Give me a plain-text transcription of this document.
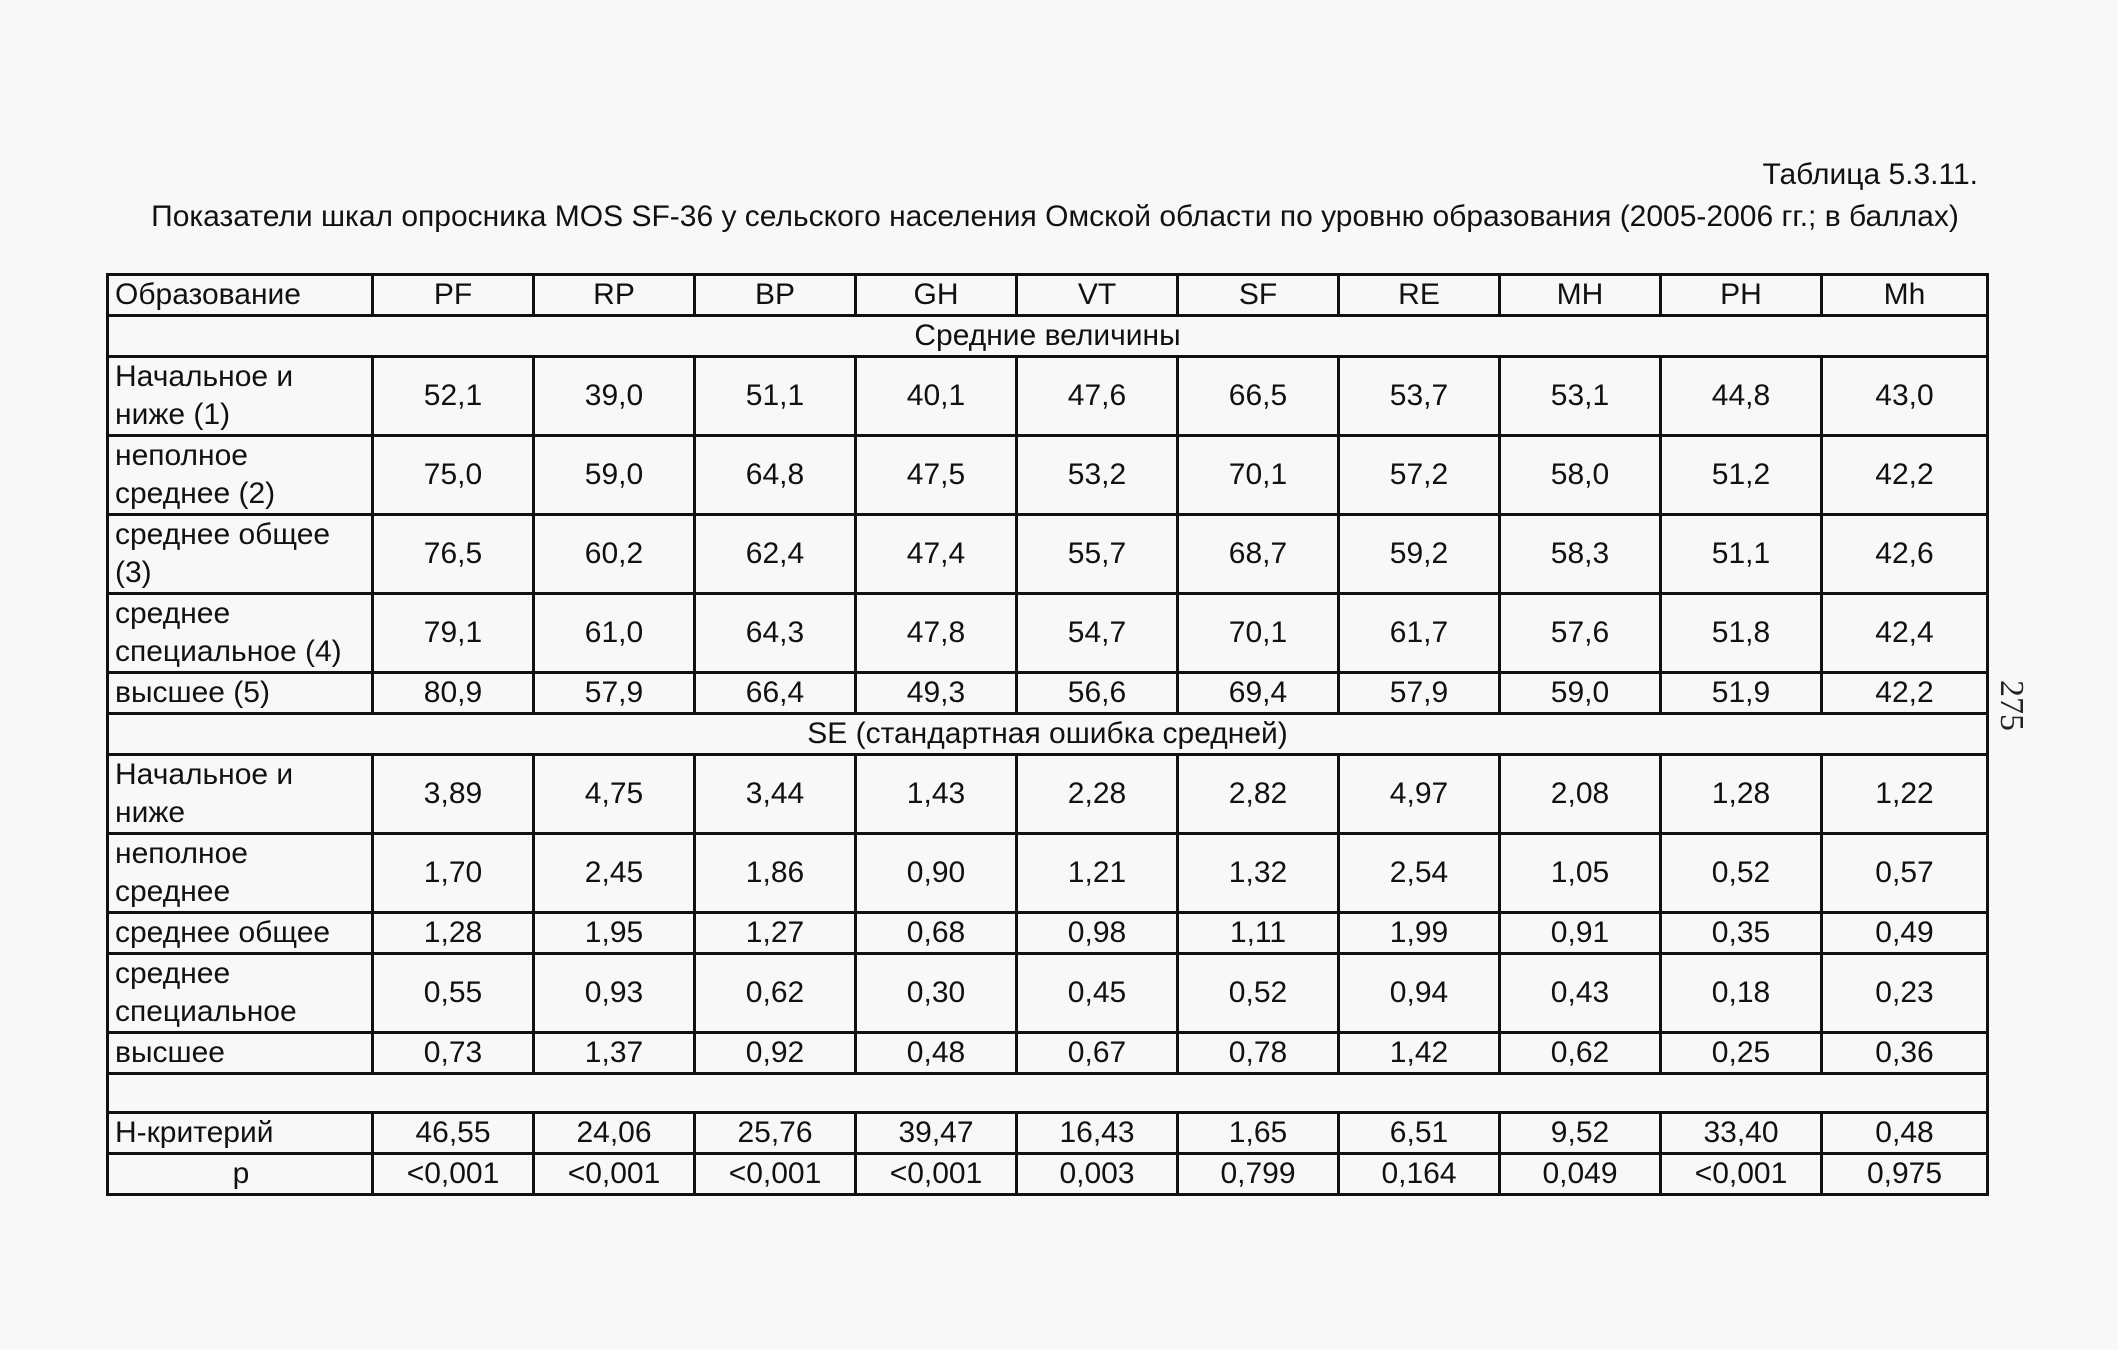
Таблица 5.3.11.
Показатели шкал опросника MOS SF-36 у сельского населения Омской области по уровню образования (2005-2006 гг.; в баллах)
Образование	PF	RP	BP	GH	VT	SF	RE	MH	PH	Mh
Средние величины										
Начальное и ниже (1)	52,1	39,0	51,1	40,1	47,6	66,5	53,7	53,1	44,8	43,0
неполное среднее (2)	75,0	59,0	64,8	47,5	53,2	70,1	57,2	58,0	51,2	42,2
среднее общее (3)	76,5	60,2	62,4	47,4	55,7	68,7	59,2	58,3	51,1	42,6
среднее специальное (4)	79,1	61,0	64,3	47,8	54,7	70,1	61,7	57,6	51,8	42,4
высшее (5)	80,9	57,9	66,4	49,3	56,6	69,4	57,9	59,0	51,9	42,2
SE (стандартная ошибка средней)										
Начальное и ниже	3,89	4,75	3,44	1,43	2,28	2,82	4,97	2,08	1,28	1,22
неполное среднее	1,70	2,45	1,86	0,90	1,21	1,32	2,54	1,05	0,52	0,57
среднее общее	1,28	1,95	1,27	0,68	0,98	1,11	1,99	0,91	0,35	0,49
среднее специальное	0,55	0,93	0,62	0,30	0,45	0,52	0,94	0,43	0,18	0,23
высшее	0,73	1,37	0,92	0,48	0,67	0,78	1,42	0,62	0,25	0,36

Н-критерий	46,55	24,06	25,76	39,47	16,43	1,65	6,51	9,52	33,40	0,48
p	<0,001	<0,001	<0,001	<0,001	0,003	0,799	0,164	0,049	<0,001	0,975
275
